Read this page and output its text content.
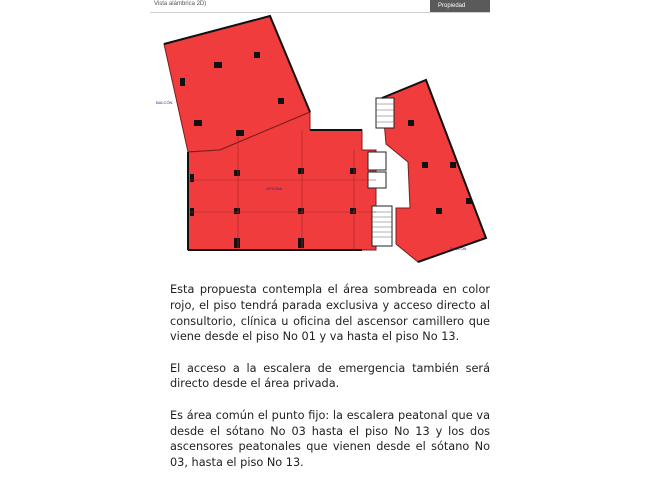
Vista alámbrica 2D)	Propiedad
BALCÓN
OFICINA
BALCÓN

Esta propuesta contempla el área sombreada en color rojo, el piso tendrá parada exclusiva y acceso directo al consultorio, clínica u oficina del ascensor camillero que viene desde el piso No 01 y va hasta el piso No 13.

El acceso a la escalera de emergencia también será directo desde el área privada.

Es área común el punto fijo: la escalera peatonal que va desde el sótano No 03 hasta el piso No 13 y los dos ascensores peatonales que vienen desde el sótano No 03, hasta el piso No 13.
